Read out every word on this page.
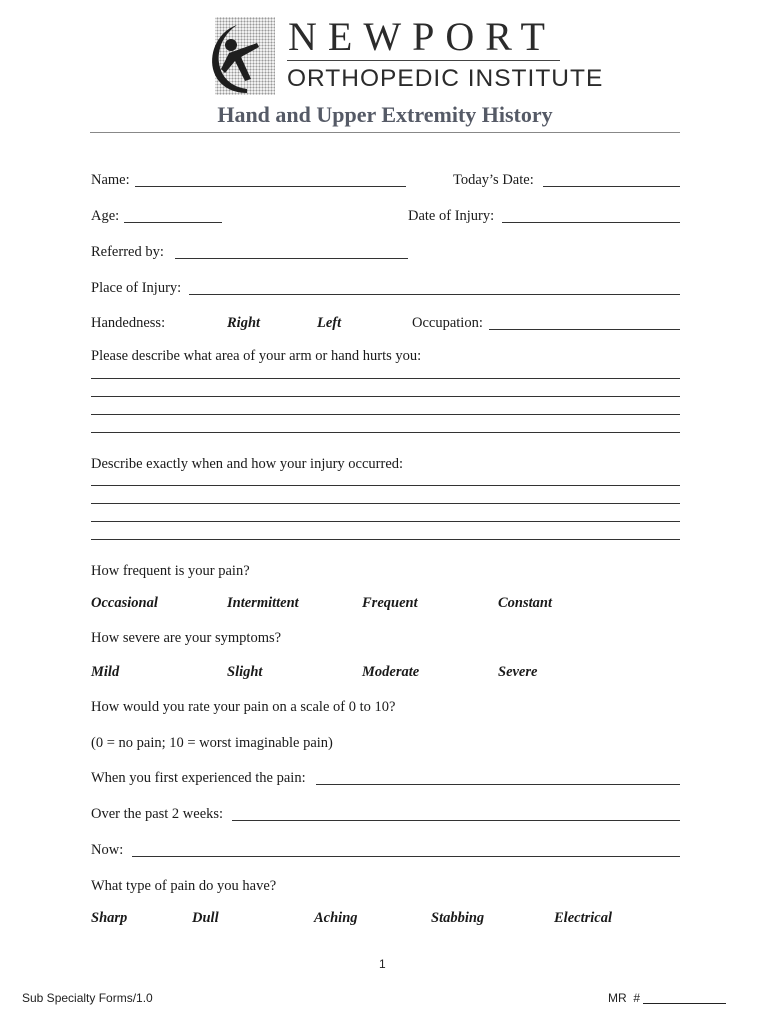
NEWPORT
ORTHOPEDIC INSTITUTE
Hand and Upper Extremity History
Name:	Today’s Date:
Age:	Date of Injury:
Referred by:
Place of Injury:
Handedness:	Right	Left	Occupation:
Please describe what area of your arm or hand hurts you:
Describe exactly when and how your injury occurred:
How frequent is your pain?
Occasional	Intermittent	Frequent	Constant
How severe are your symptoms?
Mild	Slight	Moderate	Severe
How would you rate your pain on a scale of 0 to 10?
(0 = no pain; 10 = worst imaginable pain)
When you first experienced the pain:
Over the past 2 weeks:
Now:
What type of pain do you have?
Sharp	Dull	Aching	Stabbing	Electrical
1
Sub Specialty Forms/1.0	MR  #
